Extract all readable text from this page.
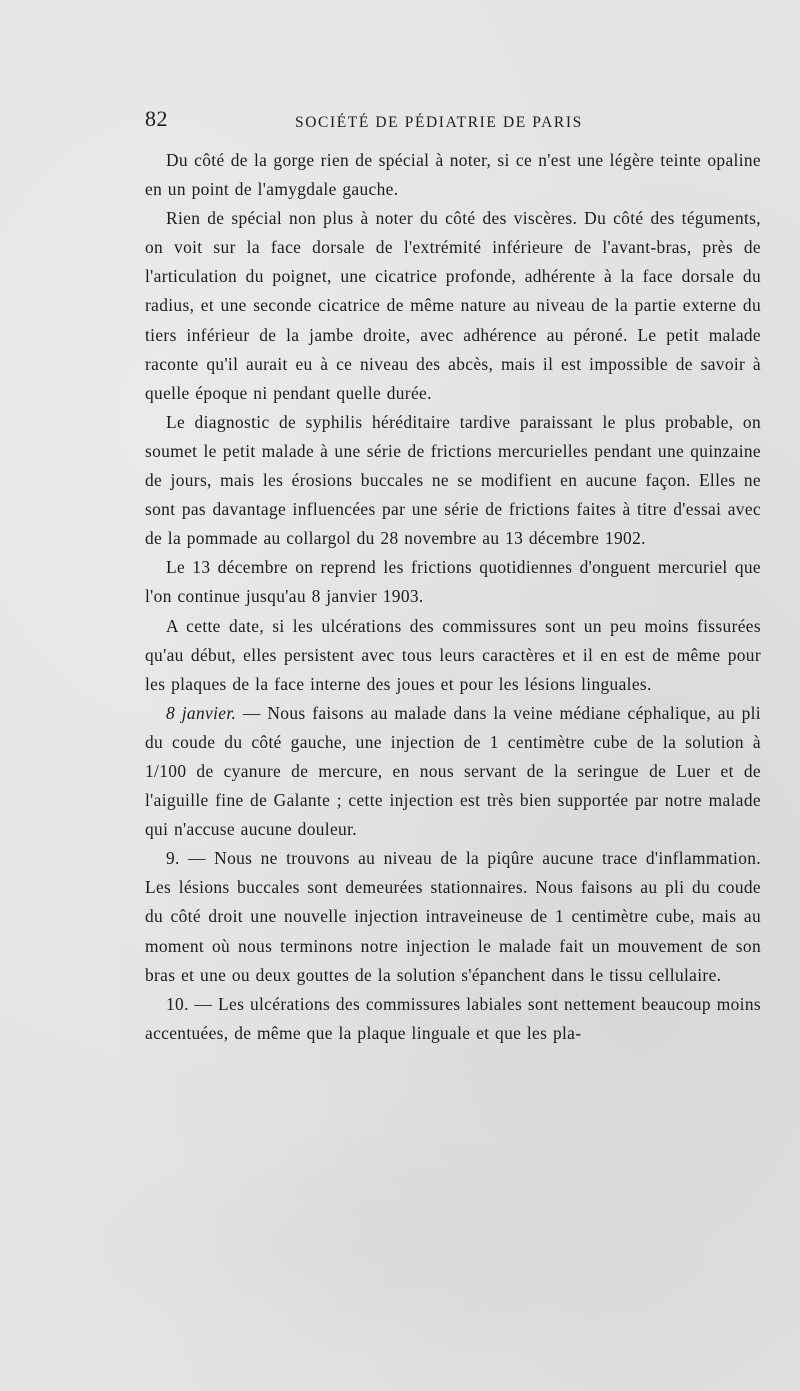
82	SOCIÉTÉ DE PÉDIATRIE DE PARIS

Du côté de la gorge rien de spécial à noter, si ce n'est une légère teinte opaline en un point de l'amygdale gauche.

Rien de spécial non plus à noter du côté des viscères. Du côté des téguments, on voit sur la face dorsale de l'extrémité inférieure de l'avant-bras, près de l'articulation du poignet, une cicatrice profonde, adhérente à la face dorsale du radius, et une seconde cicatrice de même nature au niveau de la partie externe du tiers inférieur de la jambe droite, avec adhérence au péroné. Le petit malade raconte qu'il aurait eu à ce niveau des abcès, mais il est impossible de savoir à quelle époque ni pendant quelle durée.

Le diagnostic de syphilis héréditaire tardive paraissant le plus probable, on soumet le petit malade à une série de frictions mercurielles pendant une quinzaine de jours, mais les érosions buccales ne se modifient en aucune façon. Elles ne sont pas davantage influencées par une série de frictions faites à titre d'essai avec de la pommade au collargol du 28 novembre au 13 décembre 1902.

Le 13 décembre on reprend les frictions quotidiennes d'onguent mercuriel que l'on continue jusqu'au 8 janvier 1903.

A cette date, si les ulcérations des commissures sont un peu moins fissurées qu'au début, elles persistent avec tous leurs caractères et il en est de même pour les plaques de la face interne des joues et pour les lésions linguales.

8 janvier. — Nous faisons au malade dans la veine médiane céphalique, au pli du coude du côté gauche, une injection de 1 centimètre cube de la solution à 1/100 de cyanure de mercure, en nous servant de la seringue de Luer et de l'aiguille fine de Galante ; cette injection est très bien supportée par notre malade qui n'accuse aucune douleur.

9. — Nous ne trouvons au niveau de la piqûre aucune trace d'inflammation. Les lésions buccales sont demeurées stationnaires. Nous faisons au pli du coude du côté droit une nouvelle injection intraveineuse de 1 centimètre cube, mais au moment où nous terminons notre injection le malade fait un mouvement de son bras et une ou deux gouttes de la solution s'épanchent dans le tissu cellulaire.

10. — Les ulcérations des commissures labiales sont nettement beaucoup moins accentuées, de même que la plaque linguale et que les pla-
